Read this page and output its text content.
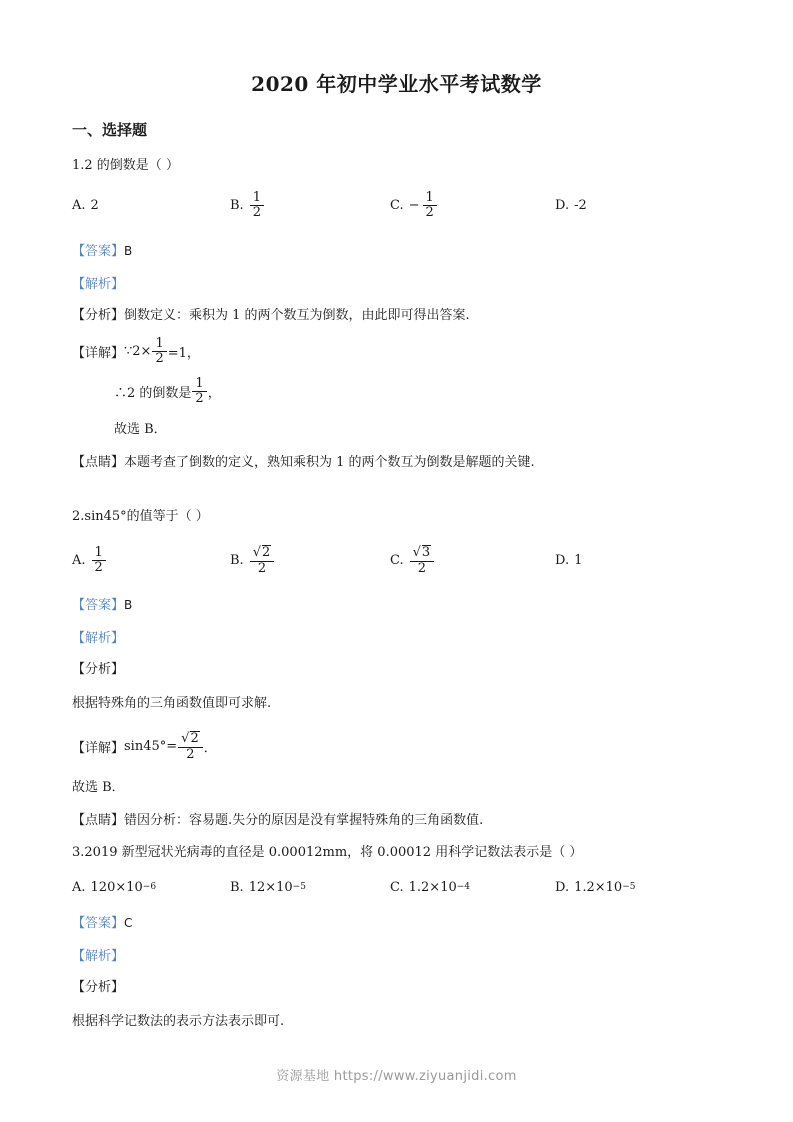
2020 年初中学业水平考试数学
一、选择题
1.2 的倒数是（ ）
A. 2	B. $\frac{1}{2}$	C. − $\frac{1}{2}$	D. -2
【答案】B
【解析】
【分析】倒数定义：乘积为 1 的两个数互为倒数，由此即可得出答案.
【详解】 ∵2× $\frac{1}{2} =1$，
∴2 的倒数是 $\frac{1}{2}$ ，
故选 B．
【点睛】本题考查了倒数的定义，熟知乘积为 1 的两个数互为倒数是解题的关键.
2.sin45°的值等于（ ）
A. $\frac{1}{2}$	B. $\frac{√2}{2}$	C. $\frac{√3}{2}$	D. 1
【答案】B
【解析】
【分析】
根据特殊角的三角函数值即可求解.
【详解】 $\sin 45^\circ= \frac{√2}{2}$ ．
故选 B．
【点睛】错因分析：容易题.失分的原因是没有掌握特殊角的三角函数值.
3.2019 新型冠状光病毒的直径是 0.00012mm，将 0.00012 用科学记数法表示是（ ）
A. 120×10 −6	B. 12×10 −5	C. 1.2×10 −4	D. 1.2×10 −5
【答案】C
【解析】
【分析】
根据科学记数法的表示方法表示即可.
资源基地 https://www.ziyuanjidi.com
